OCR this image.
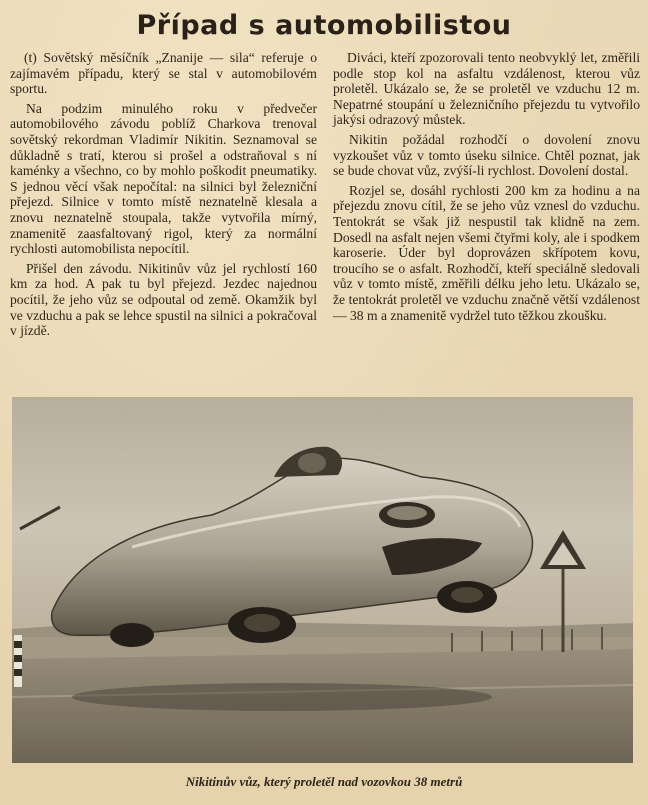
Případ s automobilistou

(t) Sovětský měsíčník „Znanije — sila“ referuje o zajímavém případu, který se stal v automobilovém sportu.

Na podzim minulého roku v předvečer automobilového závodu poblíž Charkova trenoval sovětský rekordman Vladimír Nikitin. Seznamoval se důkladně s tratí, kterou si prošel a odstraňoval s ní kaménky a všechno, co by mohlo poškodit pneumatiky. S jednou věcí však nepočítal: na silnici byl železniční přejezd. Silnice v tomto místě neznatelně klesala a znovu neznatelně stoupala, takže vytvořila mírný, znamenitě zaasfaltovaný rigol, který za normální rychlosti automobilista nepocítil.

Přišel den závodu. Nikitinův vůz jel rychlostí 160 km za hod. A pak tu byl přejezd. Jezdec najednou pocítil, že jeho vůz se odpoutal od země. Okamžik byl ve vzduchu a pak se lehce spustil na silnici a pokračoval v jízdě.

Diváci, kteří zpozorovali tento neobvyklý let, změřili podle stop kol na asfaltu vzdálenost, kterou vůz proletěl. Ukázalo se, že se proletěl ve vzduchu 12 m. Nepatrné stoupání u železničního přejezdu tu vytvořilo jakýsi odrazový můstek.

Nikitin požádal rozhodčí o dovolení znovu vyzkoušet vůz v tomto úseku silnice. Chtěl poznat, jak se bude chovat vůz, zvýší-li rychlost. Dovolení dostal.

Rozjel se, dosáhl rychlosti 200 km za hodinu a na přejezdu znovu cítil, že se jeho vůz vznesl do vzduchu. Tentokrát se však již nespustil tak klidně na zem. Dosedl na asfalt nejen všemi čtyřmi koly, ale i spodkem karoserie. Úder byl doprovázen skřípotem kovu, troucího se o asfalt. Rozhodčí, kteří speciálně sledovali vůz v tomto místě, změřili délku jeho letu. Ukázalo se, že tentokrát proletěl ve vzduchu značně větší vzdálenost — 38 m a znamenitě vydržel tuto těžkou zkoušku.

Nikitinův vůz, který proletěl nad vozovkou 38 metrů
